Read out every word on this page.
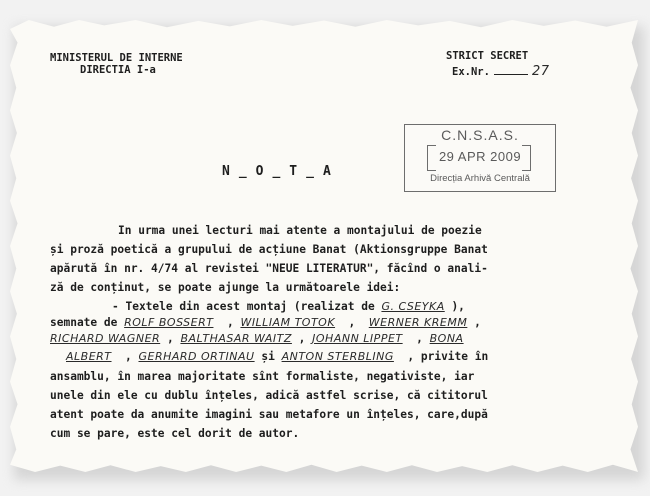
MINISTERUL DE INTERNE
DIRECTIA I-a
STRICT SECRET
Ex.Nr.	27
C.N.S.A.S.
29 APR 2009
Direcția Arhivă Centrală
N_O_T_A
In urma unei lecturi mai atente a montajului de poezie
și proză poetică a grupului de acțiune Banat (Aktionsgruppe Banat
apărută în nr. 4/74 al revistei "NEUE LITERATUR", făcînd o anali-
ză de conținut, se poate ajunge la următoarele idei:
- Textele din acest montaj (realizat de G. CSEYKA ),
semnate de ROLF BOSSERT , WILLIAM TOTOK , WERNER KREMM ,
RICHARD WAGNER , BALTHASAR WAITZ , JOHANN LIPPET , BONA
ALBERT , GERHARD ORTINAU și ANTON STERBLING , privite în
ansamblu, în marea majoritate sînt formaliste, negativiste, iar
unele din ele cu dublu înțeles, adică astfel scrise, că cititorul
atent poate da anumite imagini sau metafore un înțeles, care,după
cum se pare, este cel dorit de autor.
